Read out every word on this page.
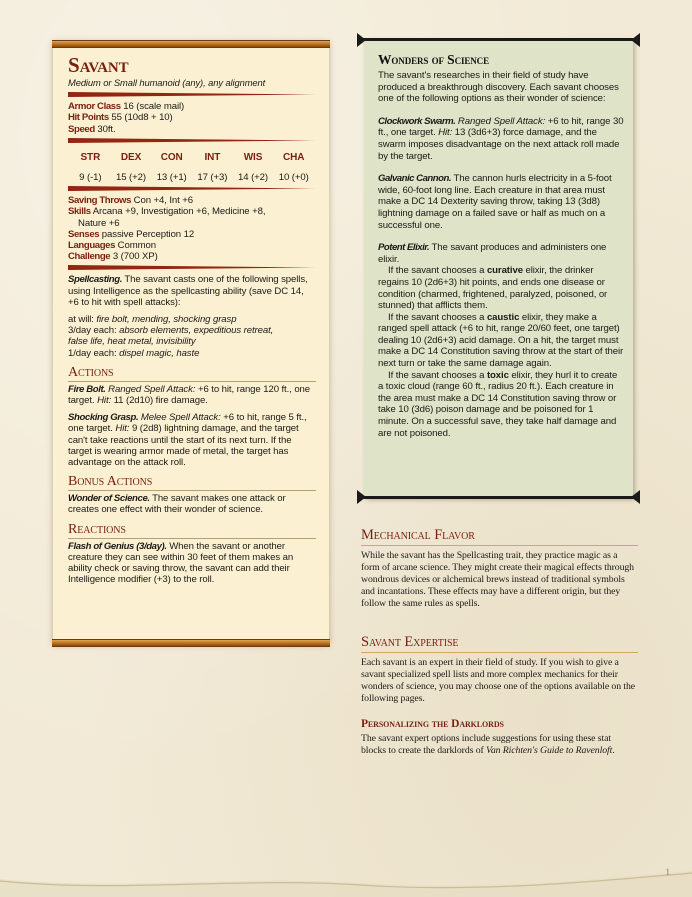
Savant
Medium or Small humanoid (any), any alignment

Armor Class 16 (scale mail)

Hit Points 55 (10d8 + 10)

Speed 30ft.

STR
9 (-1)
DEX
15 (+2)
CON
13 (+1)
INT
17 (+3)
WIS
14 (+2)
CHA
10 (+0)

Saving Throws Con +4, Int +6

Skills Arcana +9, Investigation +6, Medicine +8,

Nature +6

Senses passive Perception 12

Languages Common

Challenge 3 (700 XP)

Spellcasting. The savant casts one of the following spells, using Intelligence as the spellcasting ability (save DC 14, +6 to hit with spell attacks):

at will: fire bolt, mending, shocking grasp

3/day each: absorb elements, expeditious retreat,

false life, heat metal, invisibility

1/day each: dispel magic, haste

Actions

Fire Bolt. Ranged Spell Attack: +6 to hit, range 120 ft., one target. Hit: 11 (2d10) fire damage.

Shocking Grasp. Melee Spell Attack: +6 to hit, range 5 ft., one target. Hit: 9 (2d8) lightning damage, and the target can't take reactions until the start of its next turn. If the target is wearing armor made of metal, the target has advantage on the attack roll.

Bonus Actions

Wonder of Science. The savant makes one attack or creates one effect with their wonder of science.

Reactions

Flash of Genius (3/day). When the savant or another creature they can see within 30 feet of them makes an ability check or saving throw, the savant can add their Intelligence modifier (+3) to the roll.

Wonders of Science

The savant's researches in their field of study have produced a breakthrough discovery. Each savant chooses one of the following options as their wonder of science:

Clockwork Swarm. Ranged Spell Attack: +6 to hit, range 30 ft., one target. Hit: 13 (3d6+3) force damage, and the swarm imposes disadvantage on the next attack roll made by the target.

Galvanic Cannon. The cannon hurls electricity in a 5-foot wide, 60-foot long line. Each creature in that area must make a DC 14 Dexterity saving throw, taking 13 (3d8) lightning damage on a failed save or half as much on a successful one.

Potent Elixir. The savant produces and administers one elixir.

If the savant chooses a curative elixir, the drinker regains 10 (2d6+3) hit points, and ends one disease or condition (charmed, frightened, paralyzed, poisoned, or stunned) that afflicts them.

If the savant chooses a caustic elixir, they make a ranged spell attack (+6 to hit, range 20/60 feet, one target) dealing 10 (2d6+3) acid damage. On a hit, the target must make a DC 14 Constitution saving throw at the start of their next turn or take the same damage again.

If the savant chooses a toxic elixir, they hurl it to create a toxic cloud (range 60 ft., radius 20 ft.). Each creature in the area must make a DC 14 Constitution saving throw or take 10 (3d6) poison damage and be poisoned for 1 minute. On a successful save, they take half damage and are not poisoned.

Mechanical Flavor

While the savant has the Spellcasting trait, they practice magic as a form of arcane science. They might create their magical effects through wondrous devices or alchemical brews instead of traditional symbols and incantations. These effects may have a different origin, but they follow the same rules as spells.

Savant Expertise

Each savant is an expert in their field of study. If you wish to give a savant specialized spell lists and more complex mechanics for their wonders of science, you may choose one of the options available on the following pages.

Personalizing the Darklords

The savant expert options include suggestions for using these stat blocks to create the darklords of Van Richten's Guide to Ravenloft.

1
